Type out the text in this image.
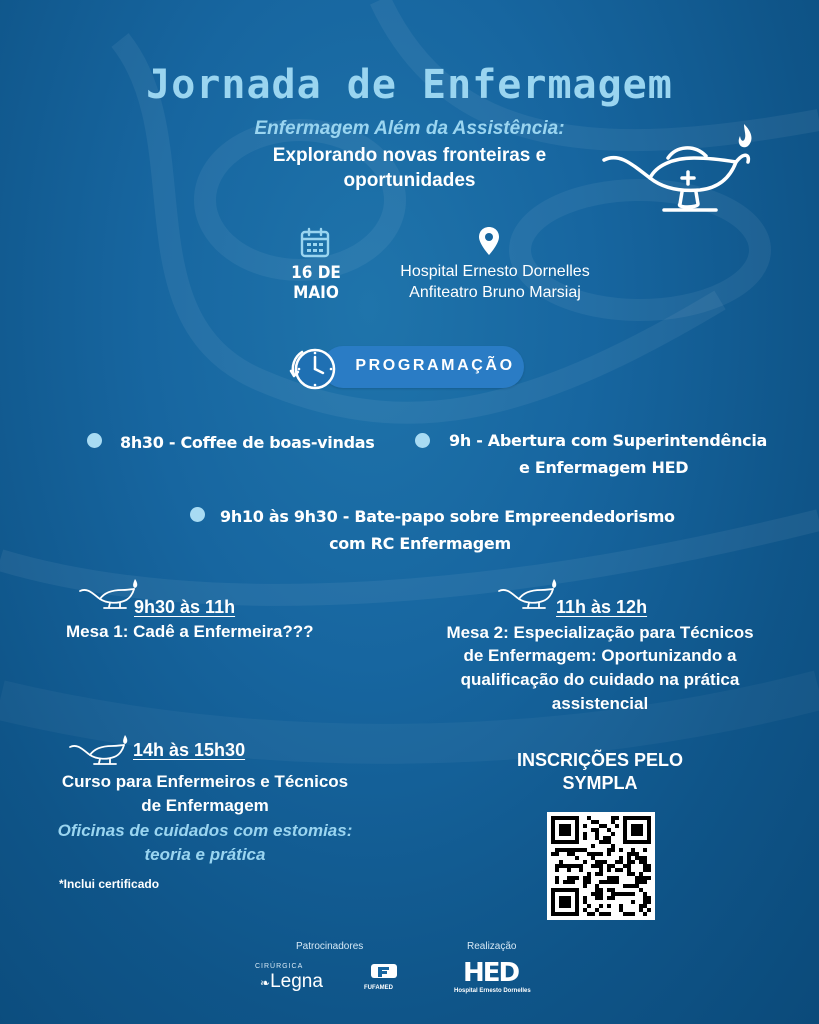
Jornada de Enfermagem
Enfermagem Além da Assistência:
Explorando novas fronteiras e
oportunidades
16 DE MAIO
Hospital Ernesto Dornelles
Anfiteatro Bruno Marsiaj
PROGRAMAÇÃO
8h30 - Coffee de boas-vindas	9h - Abertura com Superintendência
e Enfermagem HED
9h10 às 9h30 - Bate-papo sobre Empreendedorismo
com RC Enfermagem
9h30 às 11h
Mesa 1: Cadê a Enfermeira???
11h às 12h
Mesa 2: Especialização para Técnicos
de Enfermagem: Oportunizando a
qualificação do cuidado na prática
assistencial
14h às 15h30
Curso para Enfermeiros e Técnicos
de Enfermagem
Oficinas de cuidados com estomias:
teoria e prática
*Inclui certificado
INSCRIÇÕES PELO
SYMPLA
Patrocinadores
CIRÚRGICA
❧Legna	FUFAMED
Realização
HED
Hospital Ernesto Dornelles
